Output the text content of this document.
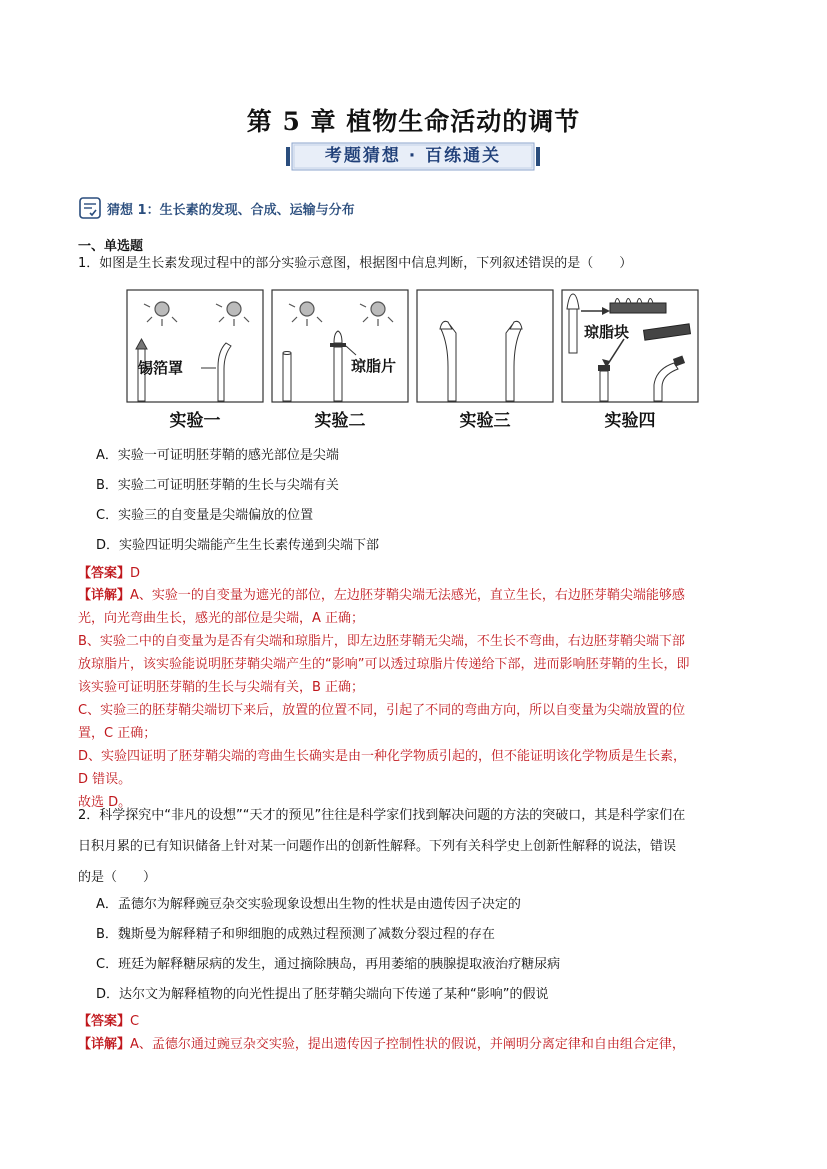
第 5 章 植物生命活动的调节
考题猜想 · 百练通关
猜想 1：生长素的发现、合成、运输与分布
一、单选题
1．如图是生长素发现过程中的部分实验示意图，根据图中信息判断，下列叙述错误的是（　　）
锡箔罩	琼脂片
琼脂块
实验一	实验二	实验三	实验四
A．实验一可证明胚芽鞘的感光部位是尖端
B．实验二可证明胚芽鞘的生长与尖端有关
C．实验三的自变量是尖端偏放的位置
D．实验四证明尖端能产生生长素传递到尖端下部
【答案】D
【详解】A、实验一的自变量为遮光的部位，左边胚芽鞘尖端无法感光，直立生长，右边胚芽鞘尖端能够感
光，向光弯曲生长，感光的部位是尖端，A 正确；
B、实验二中的自变量为是否有尖端和琼脂片，即左边胚芽鞘无尖端，不生长不弯曲，右边胚芽鞘尖端下部
放琼脂片，该实验能说明胚芽鞘尖端产生的“影响”可以透过琼脂片传递给下部，进而影响胚芽鞘的生长，即
该实验可证明胚芽鞘的生长与尖端有关，B 正确；
C、实验三的胚芽鞘尖端切下来后，放置的位置不同，引起了不同的弯曲方向，所以自变量为尖端放置的位
置，C 正确；
D、实验四证明了胚芽鞘尖端的弯曲生长确实是由一种化学物质引起的，但不能证明该化学物质是生长素，
D 错误。
故选 D。
2．科学探究中“非凡的设想”“天才的预见”往往是科学家们找到解决问题的方法的突破口，其是科学家们在
日积月累的已有知识储备上针对某一问题作出的创新性解释。下列有关科学史上创新性解释的说法，错误
的是（　　）
A．孟德尔为解释豌豆杂交实验现象设想出生物的性状是由遗传因子决定的
B．魏斯曼为解释精子和卵细胞的成熟过程预测了减数分裂过程的存在
C．班廷为解释糖尿病的发生，通过摘除胰岛，再用萎缩的胰腺提取液治疗糖尿病
D．达尔文为解释植物的向光性提出了胚芽鞘尖端向下传递了某种“影响”的假说
【答案】C
【详解】A、孟德尔通过豌豆杂交实验，提出遗传因子控制性状的假说，并阐明分离定律和自由组合定律，
